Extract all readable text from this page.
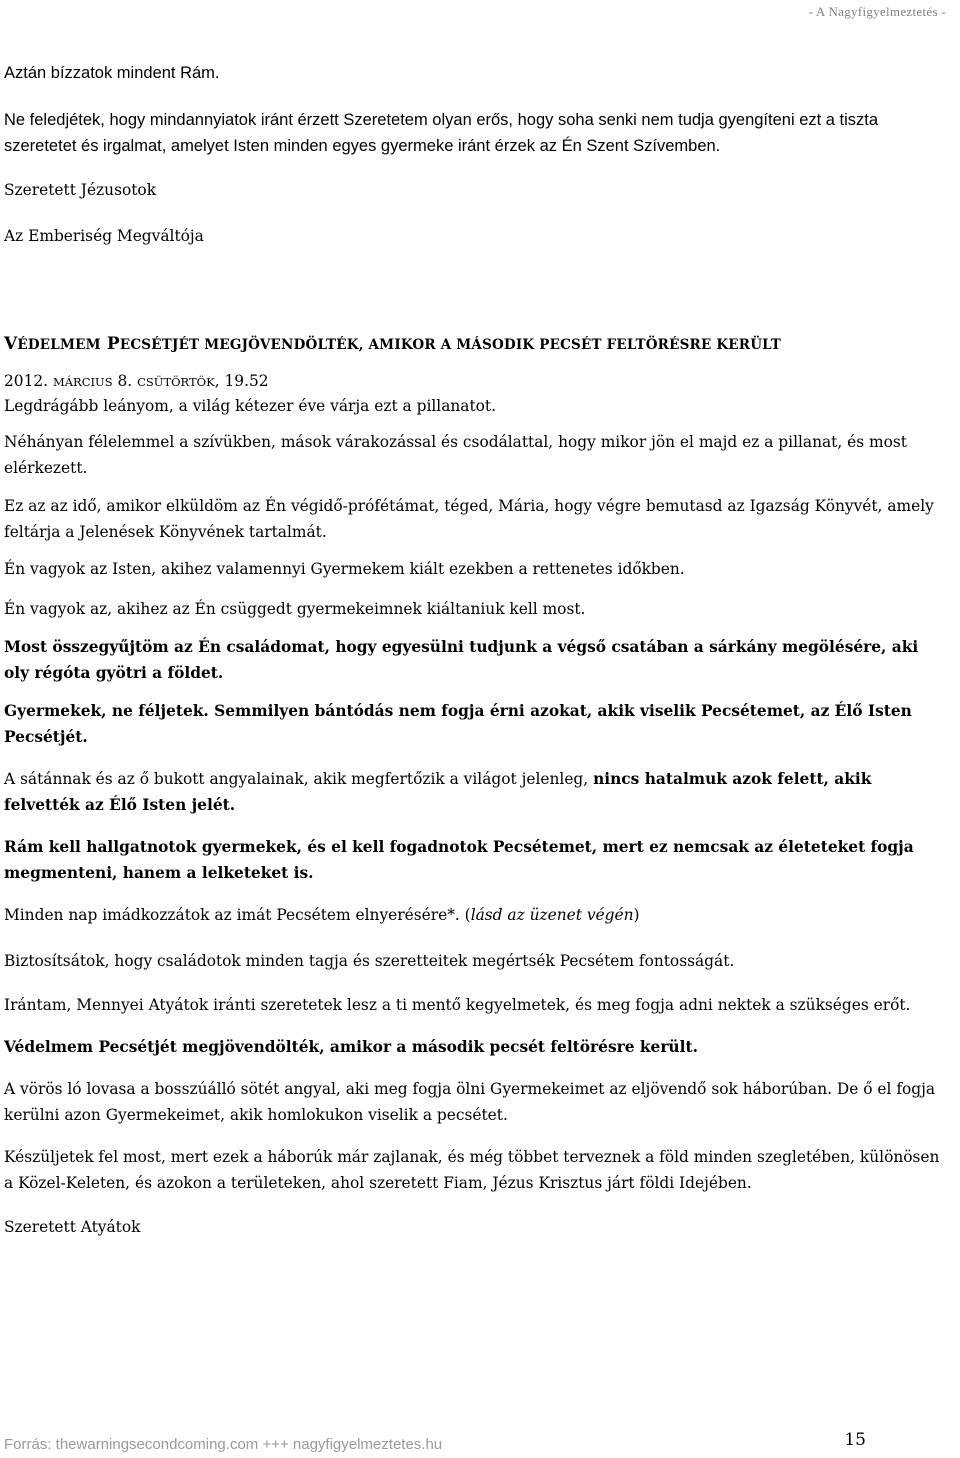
- A Nagyfigyelmeztetés -

Aztán bízzatok mindent Rám.

Ne feledjétek, hogy mindannyiatok iránt érzett Szeretetem olyan erős, hogy soha senki nem tudja gyengíteni ezt a tiszta szeretetet és irgalmat, amelyet Isten minden egyes gyermeke iránt érzek az Én Szent Szívemben.

Szeretett Jézusotok

Az Emberiség Megváltója

VÉDELMEM PECSÉTJÉT MEGJÖVENDÖLTÉK, AMIKOR A MÁSODIK PECSÉT FELTÖRÉSRE KERÜLT

2012. MÁRCIUS 8. CSÜTÖRTÖK, 19.52

Legdrágább leányom, a világ kétezer éve várja ezt a pillanatot.

Néhányan félelemmel a szívükben, mások várakozással és csodálattal, hogy mikor jön el majd ez a pillanat, és most elérkezett.

Ez az az idő, amikor elküldöm az Én végidő-prófétámat, téged, Mária, hogy végre bemutasd az Igazság Könyvét, amely feltárja a Jelenések Könyvének tartalmát.

Én vagyok az Isten, akihez valamennyi Gyermekem kiált ezekben a rettenetes időkben.

Én vagyok az, akihez az Én csüggedt gyermekeimnek kiáltaniuk kell most.

Most összegyűjtöm az Én családomat, hogy egyesülni tudjunk a végső csatában a sárkány megölésére, aki oly régóta gyötri a földet.

Gyermekek, ne féljetek. Semmilyen bántódás nem fogja érni azokat, akik viselik Pecsétemet, az Élő Isten Pecsétjét.

A sátánnak és az ő bukott angyalainak, akik megfertőzik a világot jelenleg, nincs hatalmuk azok felett, akik felvették az Élő Isten jelét.

Rám kell hallgatnotok gyermekek, és el kell fogadnotok Pecsétemet, mert ez nemcsak az életeteket fogja megmenteni, hanem a lelketeket is.

Minden nap imádkozzátok az imát Pecsétem elnyerésére*. (lásd az üzenet végén)

Biztosítsátok, hogy családotok minden tagja és szeretteitek megértsék Pecsétem fontosságát.

Irántam, Mennyei Atyátok iránti szeretetek lesz a ti mentő kegyelmetek, és meg fogja adni nektek a szükséges erőt.

Védelmem Pecsétjét megjövendölték, amikor a második pecsét feltörésre került.

A vörös ló lovasa a bosszúálló sötét angyal, aki meg fogja ölni Gyermekeimet az eljövendő sok háborúban. De ő el fogja kerülni azon Gyermekeimet, akik homlokukon viselik a pecsétet.

Készüljetek fel most, mert ezek a háborúk már zajlanak, és még többet terveznek a föld minden szegletében, különösen a Közel-Keleten, és azokon a területeken, ahol szeretett Fiam, Jézus Krisztus járt földi Idejében.

Szeretett Atyátok

Forrás: thewarningsecondcoming.com +++ nagyfigyelmeztetes.hu	15
